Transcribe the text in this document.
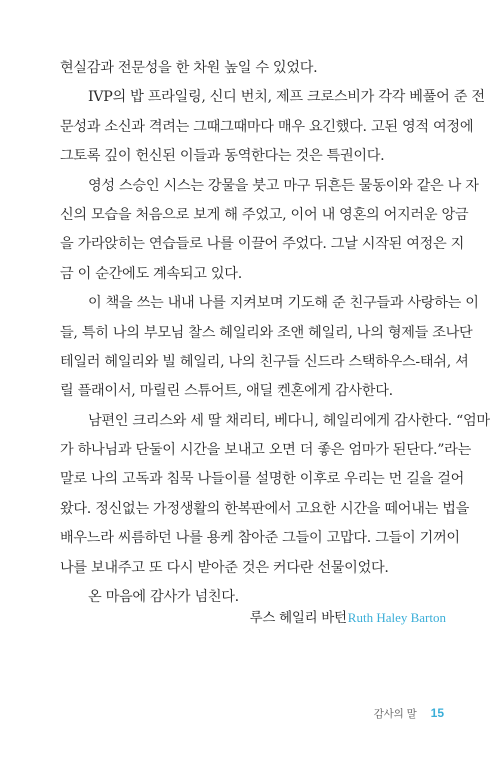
현실감과 전문성을 한 차원 높일 수 있었다.
IVP의 밥 프라일링, 신디 번치, 제프 크로스비가 각각 베풀어 준 전
문성과 소신과 격려는 그때그때마다 매우 요긴했다. 고된 영적 여정에
그토록 깊이 헌신된 이들과 동역한다는 것은 특권이다.
영성 스승인 시스는 강물을 붓고 마구 뒤흔든 물동이와 같은 나 자
신의 모습을 처음으로 보게 해 주었고, 이어 내 영혼의 어지러운 앙금
을 가라앉히는 연습들로 나를 이끌어 주었다. 그날 시작된 여정은 지
금 이 순간에도 계속되고 있다.
이 책을 쓰는 내내 나를 지켜보며 기도해 준 친구들과 사랑하는 이
들, 특히 나의 부모님 찰스 헤일리와 조앤 헤일리, 나의 형제들 조나단
테일러 헤일리와 빌 헤일리, 나의 친구들 신드라 스택하우스-태쉬, 셔
릴 플래이서, 마릴린 스튜어트, 애딜 켄혼에게 감사한다.
남편인 크리스와 세 딸 채리티, 베다니, 헤일리에게 감사한다. “엄마
가 하나님과 단둘이 시간을 보내고 오면 더 좋은 엄마가 된단다.”라는
말로 나의 고독과 침묵 나들이를 설명한 이후로 우리는 먼 길을 걸어
왔다. 정신없는 가정생활의 한복판에서 고요한 시간을 떼어내는 법을
배우느라 씨름하던 나를 용케 참아준 그들이 고맙다. 그들이 기꺼이
나를 보내주고 또 다시 받아준 것은 커다란 선물이었다.
온 마음에 감사가 넘친다.
루스 헤일리 바턴Ruth Haley Barton
감사의 말 15
